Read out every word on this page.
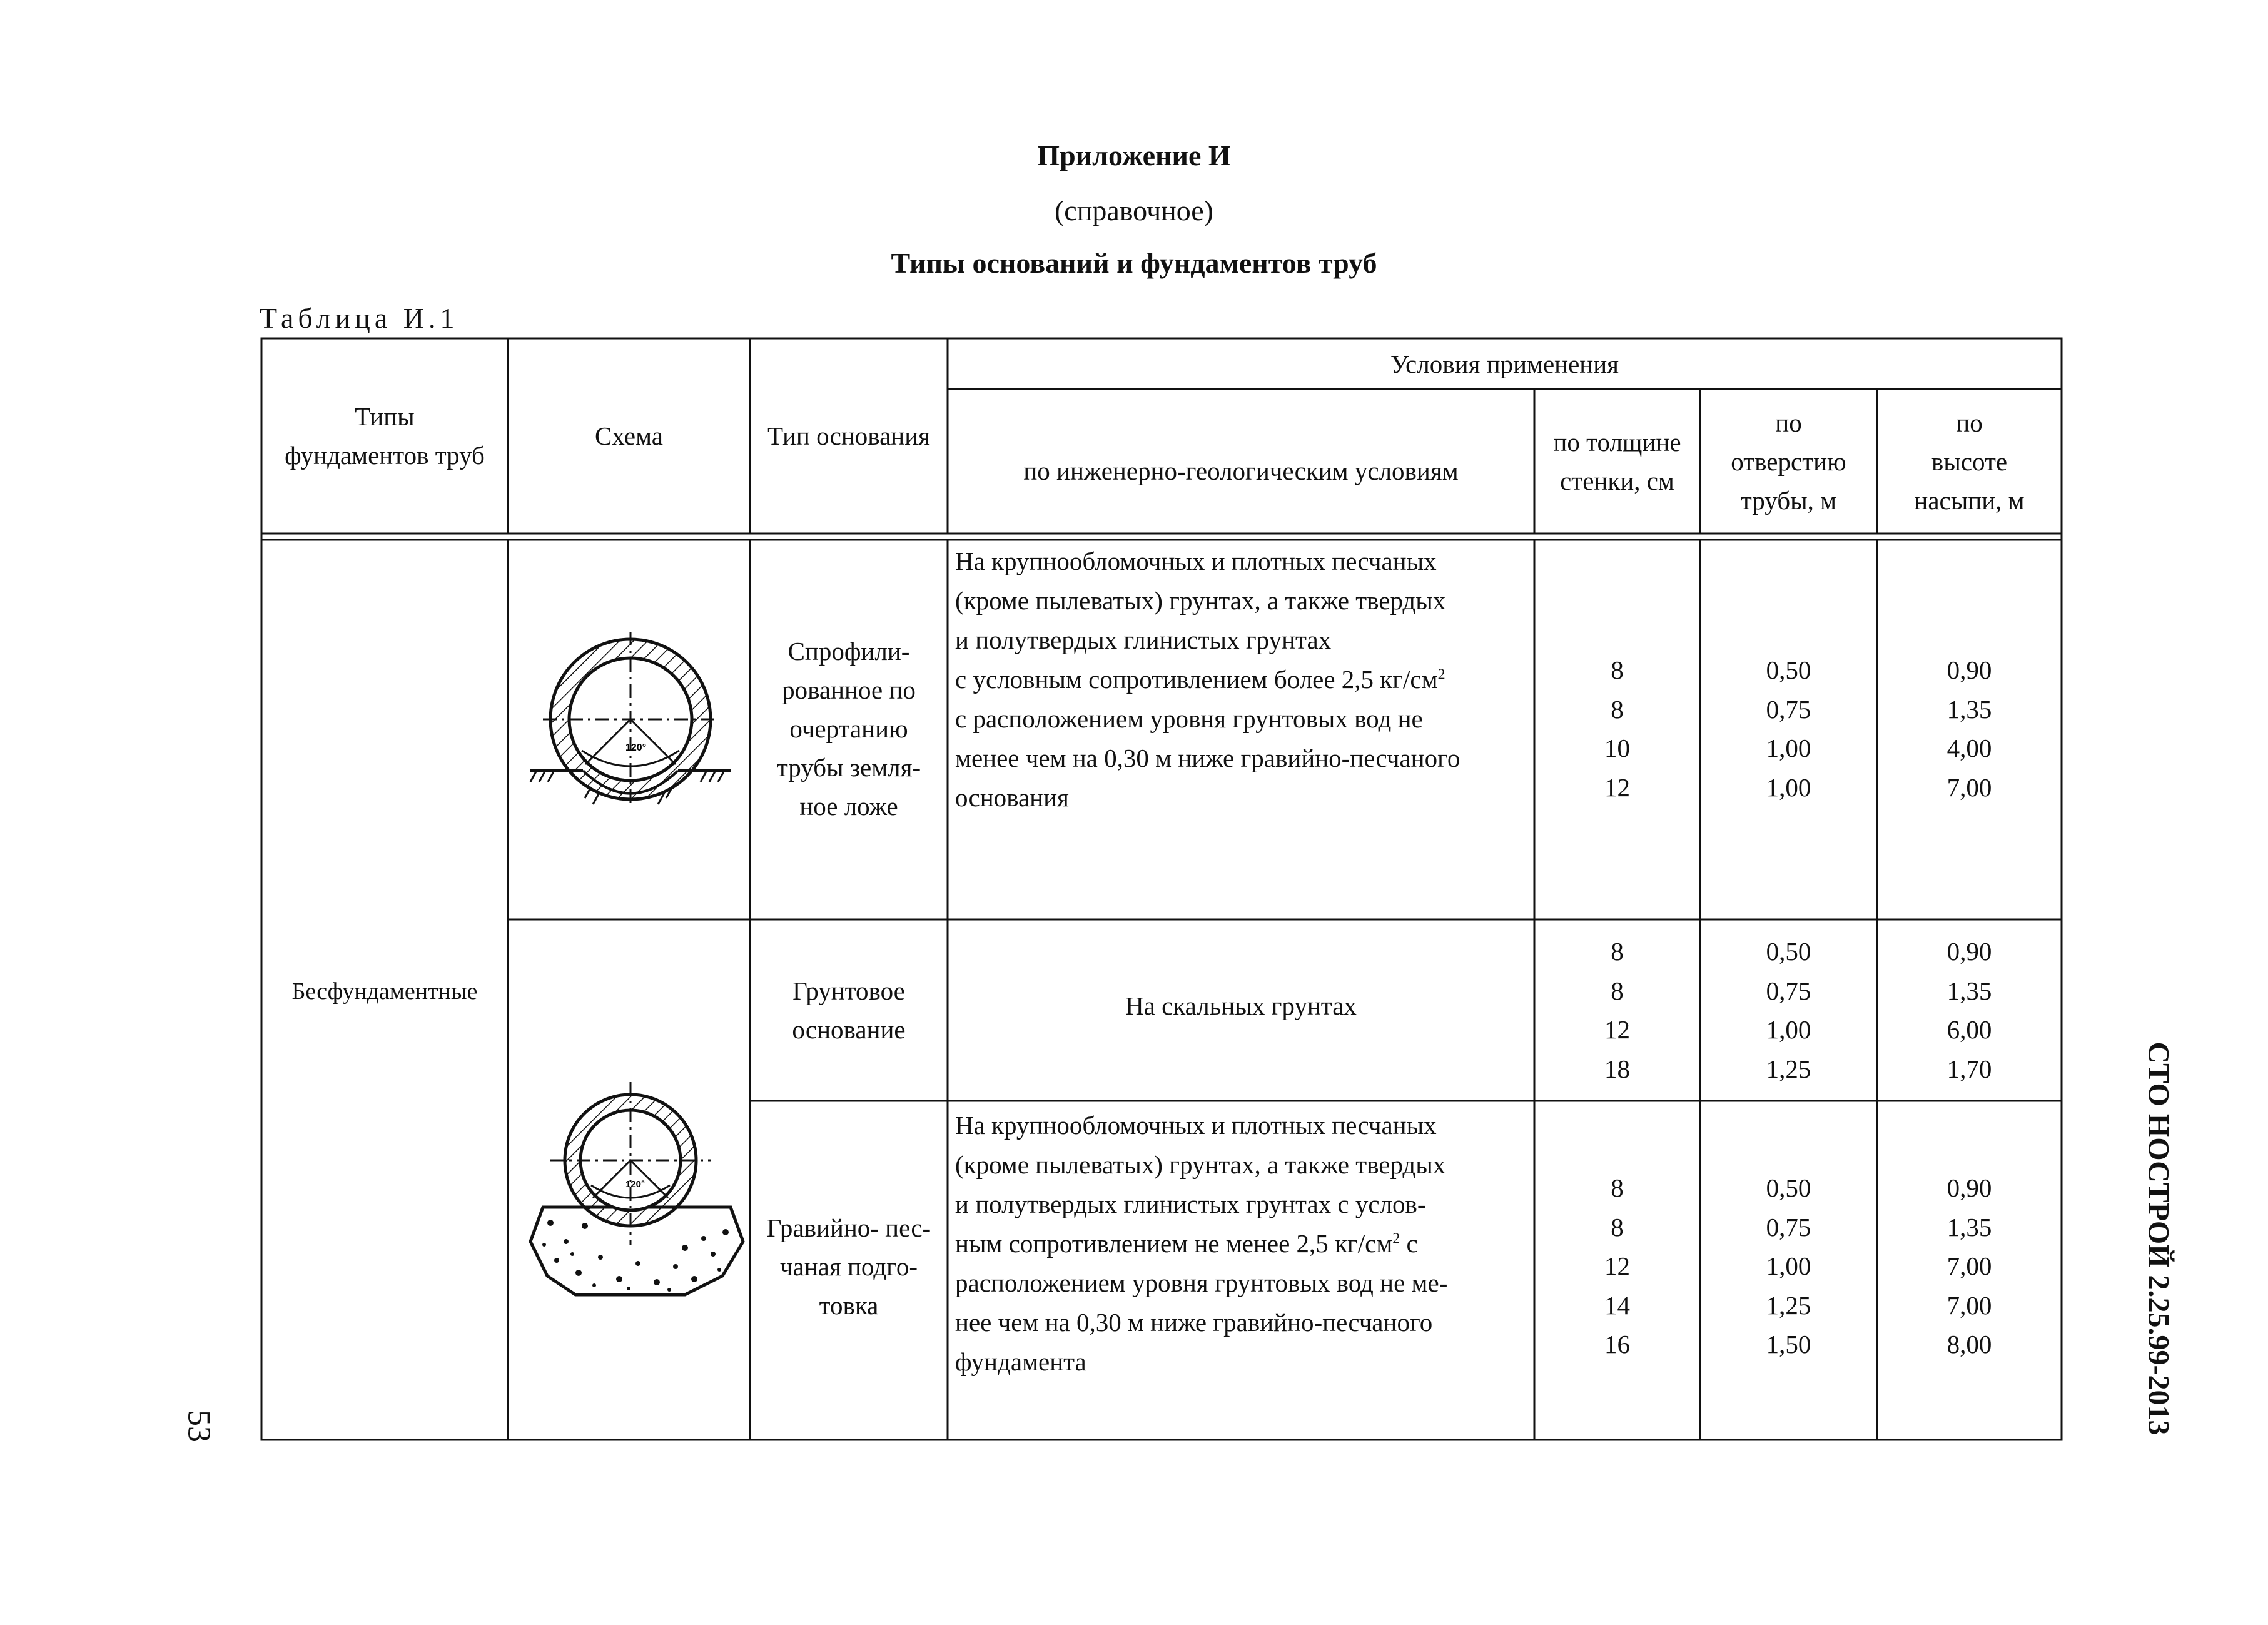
Приложение И
(справочное)
Типы оснований и фундаментов труб
Таблица И.1
120°
120°
Типы
фундаментов труб
Схема	Тип основания
Условия применения
по инженерно-геологическим условиям
по толщине
стенки, см
по
отверстию
трубы, м
по
высоте
насыпи, м
Бесфундаментные
Спрофили-
рованное по
очертанию
трубы земля-
ное ложе
На крупнообломочных и плотных песчаных
(кроме пылеватых) грунтах, а также твердых
и полутвердых глинистых грунтах
с условным сопротивлением более 2,5 $кг/см^2$
с расположением уровня грунтовых вод не
менее чем на 0,30 м ниже гравийно-песчаного
основания
8
8
10
12
0,50
0,75
1,00
1,00
0,90
1,35
4,00
7,00
Грунтовое
основание
На скальных грунтах
8
8
12
18
0,50
0,75
1,00
1,25
0,90
1,35
6,00
1,70
Гравийно- пес-
чаная подго-
товка
На крупнообломочных и плотных песчаных
(кроме пылеватых) грунтах, а также твердых
и полутвердых глинистых грунтах с услов-
ным сопротивлением не менее 2,5 $кг/см^2$ с
расположением уровня грунтовых вод не ме-
нее чем на 0,30 м ниже гравийно-песчаного
фундамента
8
8
12
14
16
0,50
0,75
1,00
1,25
1,50
0,90
1,35
7,00
7,00
8,00	СТО НОСТРОЙ 2.25.99-2013
53
